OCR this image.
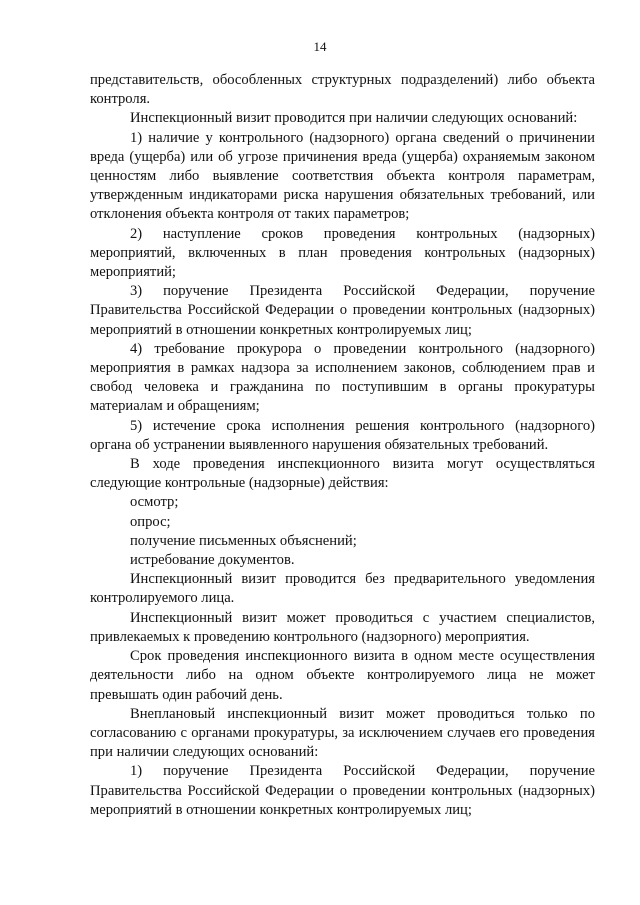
14

представительств, обособленных структурных подразделений) либо объекта контроля.

Инспекционный визит проводится при наличии следующих оснований:

1) наличие у контрольного (надзорного) органа сведений о причинении вреда (ущерба) или об угрозе причинения вреда (ущерба) охраняемым законом ценностям либо выявление соответствия объекта контроля параметрам, утвержденным индикаторами риска нарушения обязательных требований, или отклонения объекта контроля от таких параметров;

2) наступление сроков проведения контрольных (надзорных) мероприятий, включенных в план проведения контрольных (надзорных) мероприятий;

3) поручение Президента Российской Федерации, поручение Правительства Российской Федерации о проведении контрольных (надзорных) мероприятий в отношении конкретных контролируемых лиц;

4) требование прокурора о проведении контрольного (надзорного) мероприятия в рамках надзора за исполнением законов, соблюдением прав и свобод человека и гражданина по поступившим в органы прокуратуры материалам и обращениям;

5) истечение срока исполнения решения контрольного (надзорного) органа об устранении выявленного нарушения обязательных требований.

В ходе проведения инспекционного визита могут осуществляться следующие контрольные (надзорные) действия:

осмотр;

опрос;

получение письменных объяснений;

истребование документов.

Инспекционный визит проводится без предварительного уведомления контролируемого лица.

Инспекционный визит может проводиться с участием специалистов, привлекаемых к проведению контрольного (надзорного) мероприятия.

Срок проведения инспекционного визита в одном месте осуществления деятельности либо на одном объекте контролируемого лица не может превышать один рабочий день.

Внеплановый инспекционный визит может проводиться только по согласованию с органами прокуратуры, за исключением случаев его проведения при наличии следующих оснований:

1) поручение Президента Российской Федерации, поручение Правительства Российской Федерации о проведении контрольных (надзорных) мероприятий в отношении конкретных контролируемых лиц;
